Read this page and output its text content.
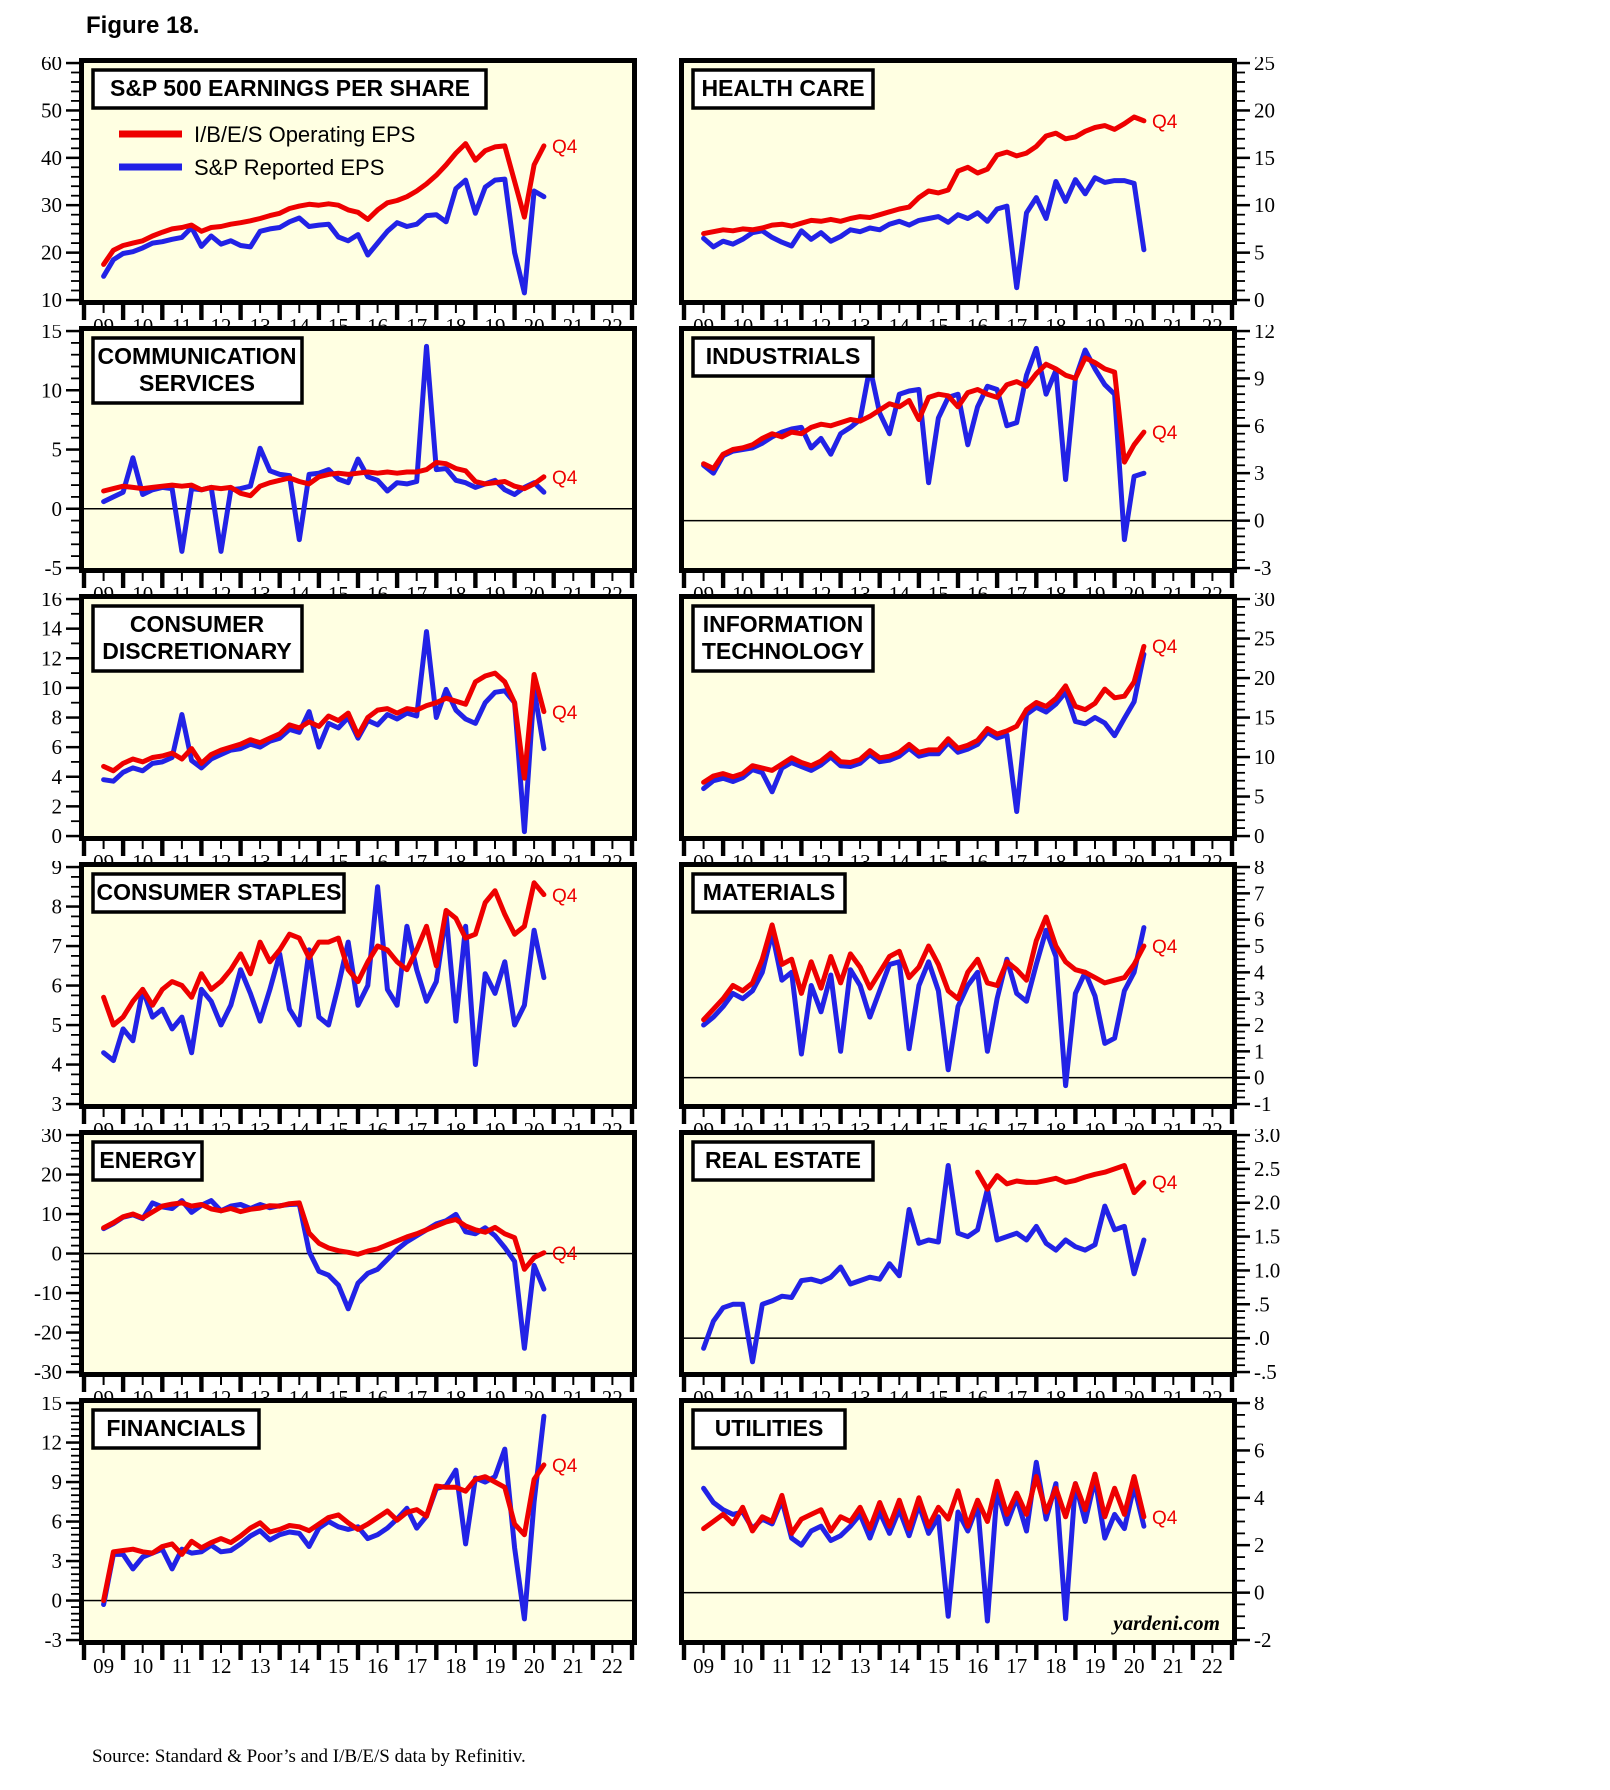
Figure 18.
60
50
40
30
20
10
S&P 500 EARNINGS PER SHARE
I/B/E/S Operating EPS
S&P Reported EPS
Q4
25
20
15
10
5
0
HEALTH CARE
Q4
15
10
5
0
-5
COMMUNICATION
SERVICES
Q4
12
9
6
3
0
-3
INDUSTRIALS
Q4
16
14
12
10
8
6
4
2
0
CONSUMER
DISCRETIONARY
Q4
30
25
20
15
10
5
0
INFORMATION
TECHNOLOGY	Q4
9
8
7
6
5
4
3
CONSUMER STAPLES	Q4
8
7
6
5
4
3
2
1
0
-1
MATERIALS
Q4
30
20
10
0
-10
-20
-30
ENERGY
Q4
3.0
2.5
2.0
1.5
1.0
.5
.0
-.5
REAL ESTATE
Q4
15
12
9
6
3
0
-3
09 10 11 12 13 14 15 16 17 18 19 20 21 22
FINANCIALS
Q4
8
6
4
2
0
-2
09 10 11 12 13 14 15 16 17 18 19 20 21 22
UTILITIES
Q4
yardeni.com
Source: Standard & Poor’s and I/B/E/S data by Refinitiv.
